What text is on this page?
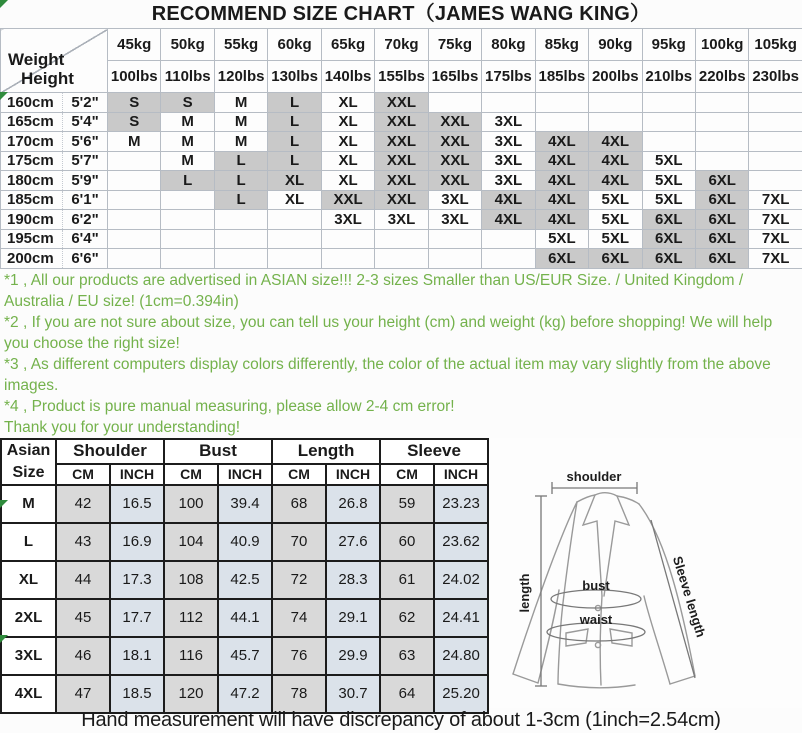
RECOMMEND SIZE CHART（JAMES WANG KING）
Weight
Height		45kg	50kg	55kg	60kg	65kg	70kg	75kg	80kg	85kg	90kg	95kg	100kg	105kg
		100lbs	110lbs	120lbs	130lbs	140lbs	155lbs	165lbs	175lbs	185lbs	200lbs	210lbs	220lbs	230lbs
160cm	5'2"	S	S	M	L	XL	XXL							
165cm	5'4"	S	M	M	L	XL	XXL	XXL	3XL					
170cm	5'6"	M	M	M	L	XL	XXL	XXL	3XL	4XL	4XL			
175cm	5'7"		M	L	L	XL	XXL	XXL	3XL	4XL	4XL	5XL		
180cm	5'9"		L	L	XL	XL	XXL	XXL	3XL	4XL	4XL	5XL	6XL	
185cm	6'1"			L	XL	XXL	XXL	3XL	4XL	4XL	5XL	5XL	6XL	7XL
190cm	6'2"					3XL	3XL	3XL	4XL	4XL	5XL	6XL	6XL	7XL
195cm	6'4"									5XL	5XL	6XL	6XL	7XL
200cm	6'6"									6XL	6XL	6XL	6XL	7XL

*1 , All our products are advertised in ASIAN size!!! 2-3 sizes Smaller than US/EUR Size. / United Kingdom / Australia / EU size! (1cm=0.394in)

*2 , If you are not sure about size, you can tell us your height (cm) and weight (kg) before shopping! We will help you choose the right size!

*3 , As different computers display colors differently, the color of the actual item may vary slightly from the above images.

*4 , Product is pure manual measuring, please allow 2-4 cm error!

Thank you for your understanding!

Asian
Size	Shoulder		Bust		Length		Sleeve	
	CM	INCH	CM	INCH	CM	INCH	CM	INCH
M	42	16.5	100	39.4	68	26.8	59	23.23
L	43	16.9	104	40.9	70	27.6	60	23.62
XL	44	17.3	108	42.5	72	28.3	61	24.02
2XL	45	17.7	112	44.1	74	29.1	62	24.41
3XL	46	18.1	116	45.7	76	29.9	63	24.80
4XL	47	18.5	120	47.2	78	30.7	64	25.20
shoulder
length	bust
waist	Sleeve length
Hand measurement will have discrepancy of about 1-3cm (1inch=2.54cm)
